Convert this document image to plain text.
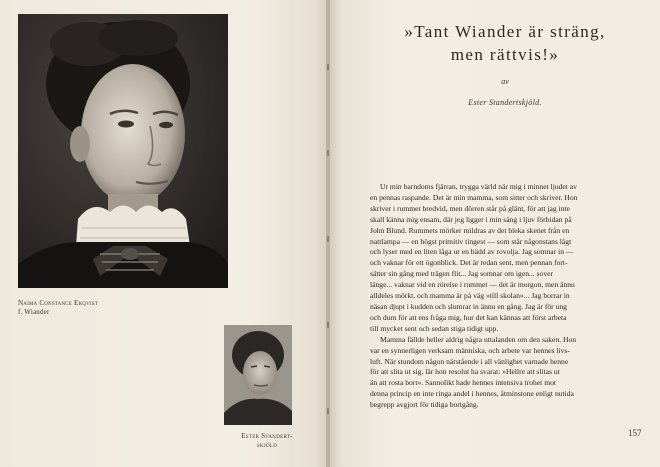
Naima Constance Ekqvist
f. Wiander
Ester Standert-
skjöld
»Tant Wiander är sträng,
men rättvis!»
av
Ester Standertskjöld.
Ur min barndoms fjärran, trygga värld när mig i minnet ljudet av
en pennas raspande. Det är min mamma, som sitter och skriver. Hon
skriver i rummet bredvid, men dörren står på glänt, för att jag inte
skall känna mig ensam, där jeg ligger i min säng i ljuv förbidan på
John Blund. Rummets mörker mildras av det bleka skenet från en
nattlampa — en högst primitiv tingest — som står någonstans lågt
och lyser med en liten låga ur en bädd av rovolja. Jag somnar in —
och vaknar för ett ögonblick. Det är redan sent, men pennan fort-
sätter sin gång med trägen flit... Jag somnar om igen... sover
länge... vaknar vid en rörelse i rummet — det är morgon, men ännu
alldeles mörkt, och mamma är på väg »till skolan»... Jag borrar in
näsan djupt i kudden och slumrar in ännu en gång. Jag är för ung
och dum för att ens fråga mig, hur det kan kännas att först arbeta
till mycket sent och sedan stiga tidigt upp.
Mamma fällde heller aldrig några uttalanden om den saken. Hon
var en synnerligen verksam människa, och arbete var hennes livs-
luft. När stundom någon närstående i all vänlighet varnade henne
för att slita ut sig, lär hon resolut ha svarat: »Hellre att slitas ut
än att rosta bort». Sannolikt hade hennes intensiva trohet mot
denna princip en inte ringa andel i hennes, åtminstone enligt nutida
begrepp avgjort för tidiga bortgång.
157
